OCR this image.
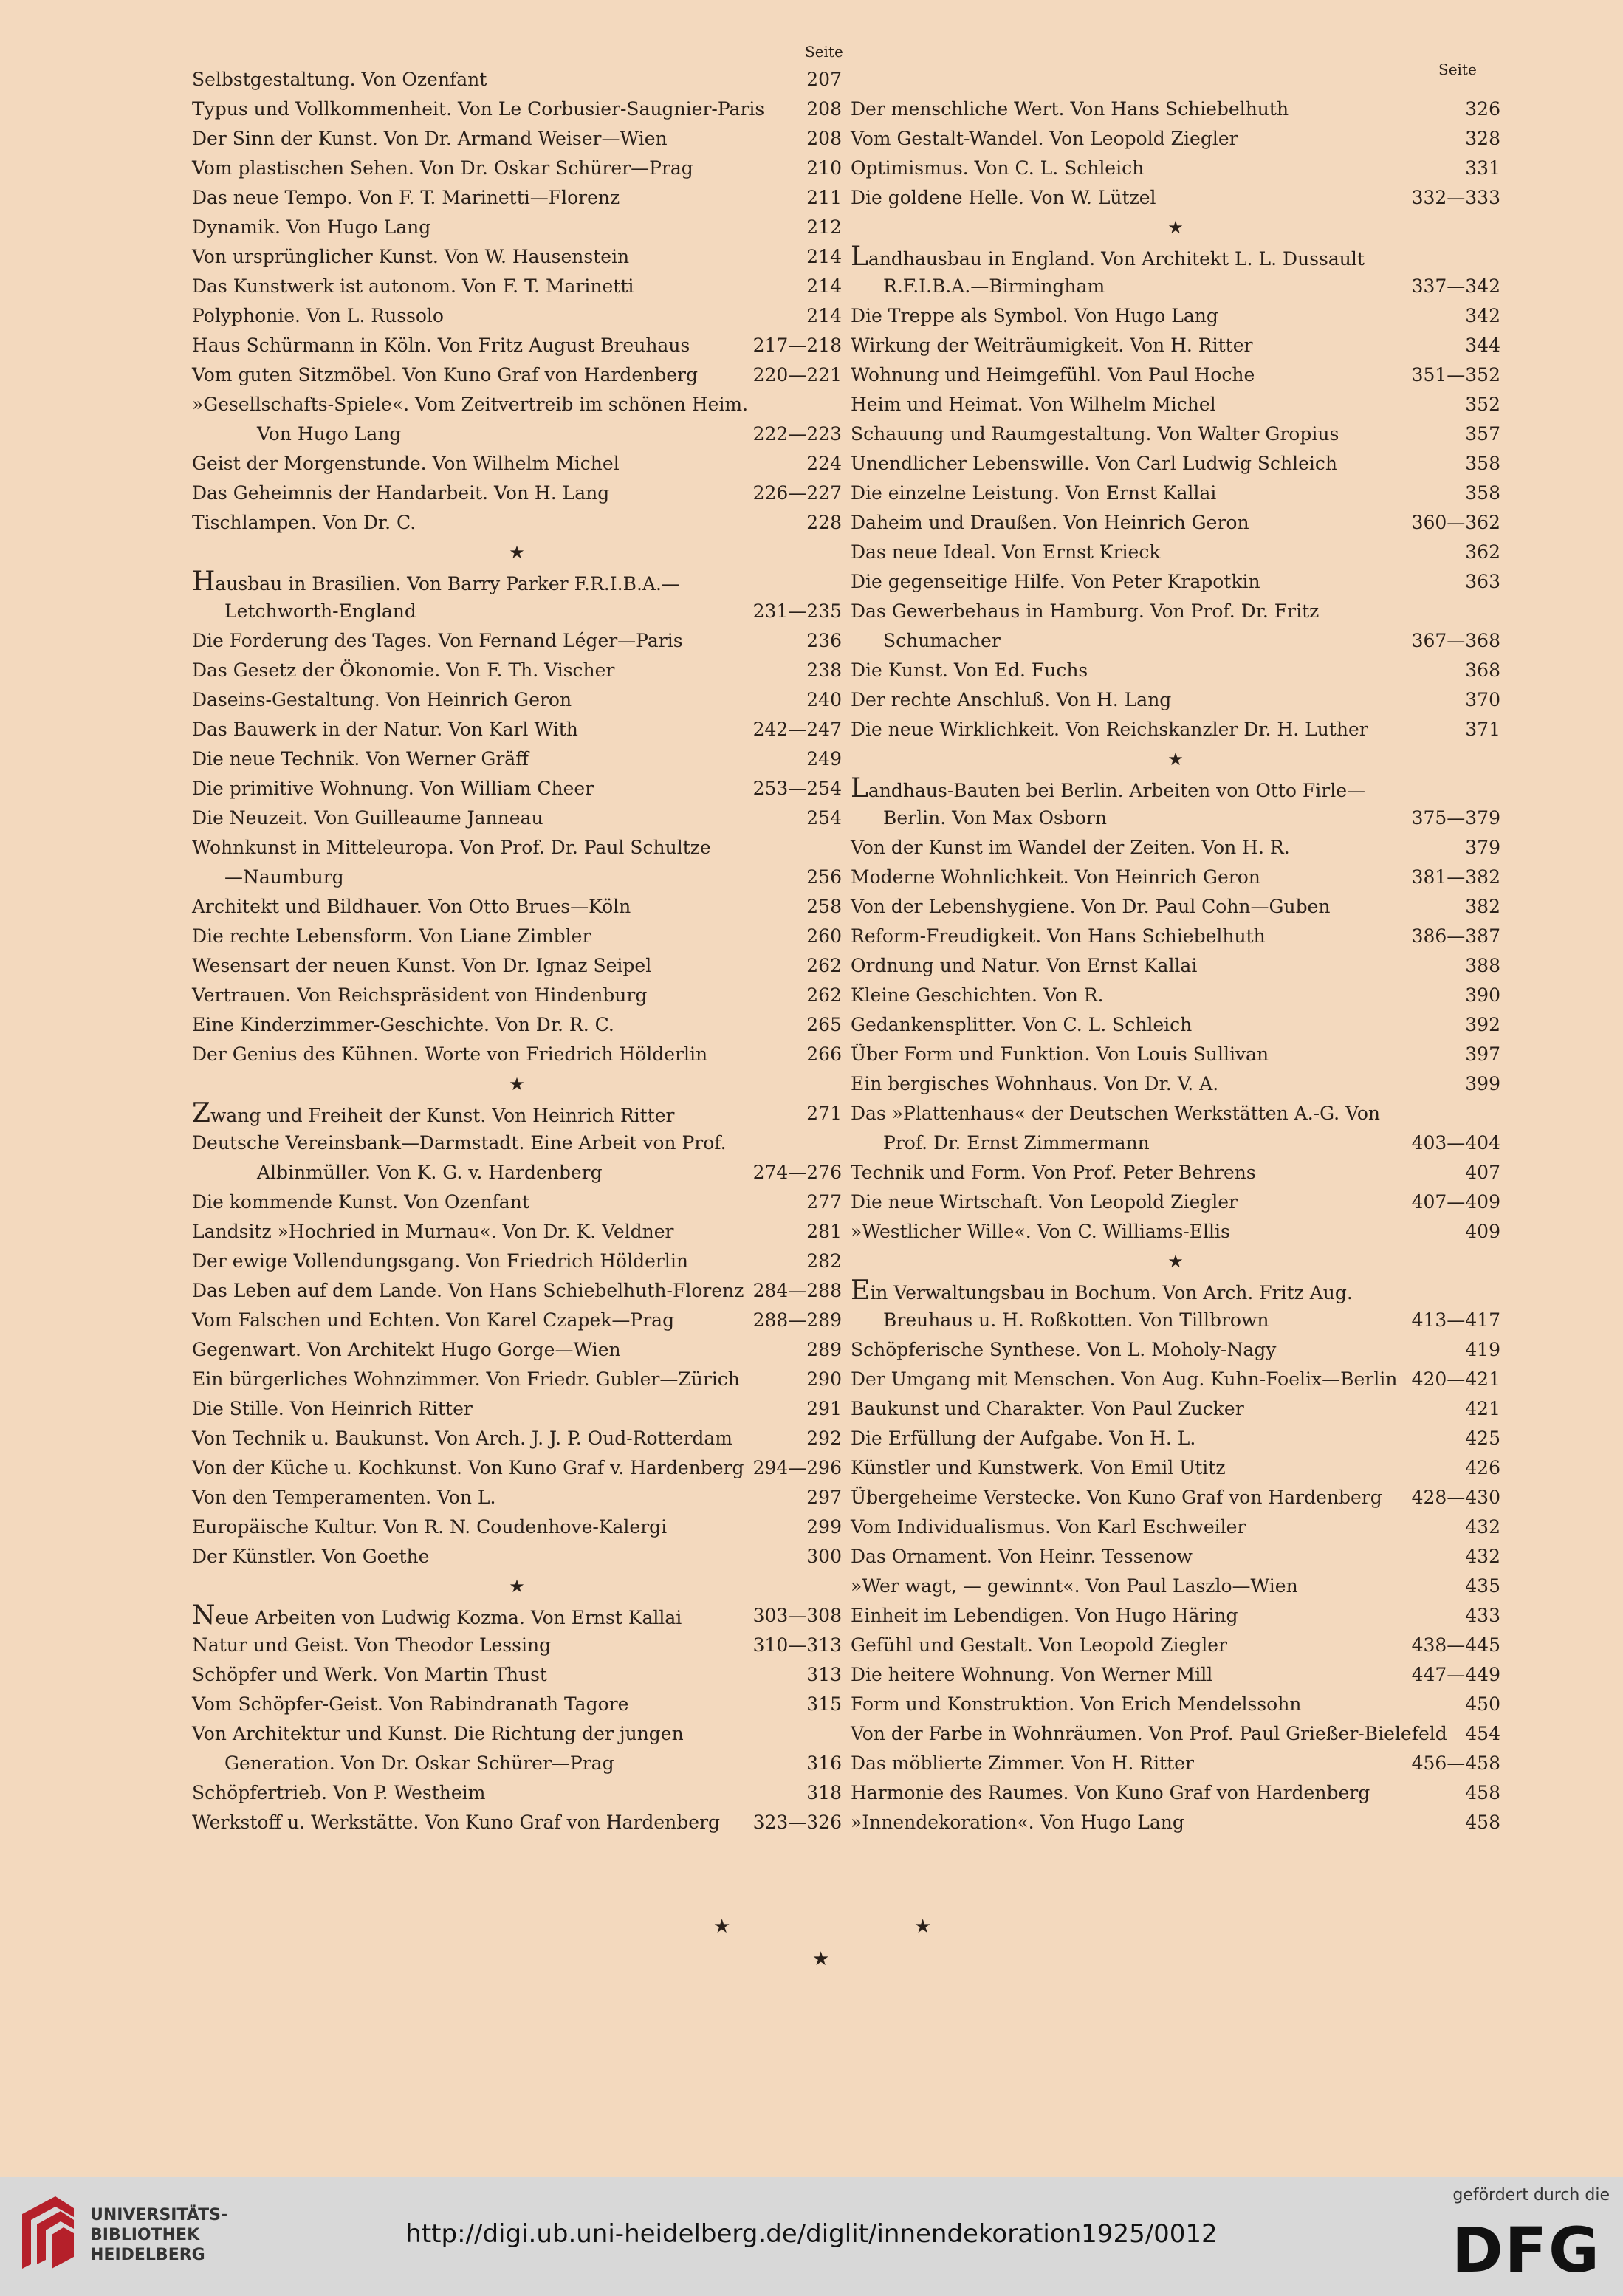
Seite
Seite
Selbstgestaltung. Von Ozenfant	207
Typus und Vollkommenheit. Von Le Corbusier-Saugnier-Paris 208
Der Sinn der Kunst. Von Dr. Armand Weiser—Wien	208
Vom plastischen Sehen. Von Dr. Oskar Schürer—Prag	210
Das neue Tempo. Von F. T. Marinetti—Florenz	211
Dynamik. Von Hugo Lang	212
Von ursprünglicher Kunst. Von W. Hausenstein	214
Das Kunstwerk ist autonom. Von F. T. Marinetti	214
Polyphonie. Von L. Russolo	214
Haus Schürmann in Köln. Von Fritz August Breuhaus	217—218
Vom guten Sitzmöbel. Von Kuno Graf von Hardenberg	220—221
»Gesellschafts-Spiele«. Vom Zeitvertreib im schönen Heim.
Von Hugo Lang	222—223
Geist der Morgenstunde. Von Wilhelm Michel	224
Das Geheimnis der Handarbeit. Von H. Lang	226—227
Tischlampen. Von Dr. C.	228
★
Hausbau in Brasilien. Von Barry Parker F.R.I.B.A.—
Letchworth-England	231—235
Die Forderung des Tages. Von Fernand Léger—Paris	236
Das Gesetz der Ökonomie. Von F. Th. Vischer	238
Daseins-Gestaltung. Von Heinrich Geron	240
Das Bauwerk in der Natur. Von Karl With	242—247
Die neue Technik. Von Werner Gräff	249
Die primitive Wohnung. Von William Cheer	253—254
Die Neuzeit. Von Guilleaume Janneau	254
Wohnkunst in Mitteleuropa. Von Prof. Dr. Paul Schultze
—Naumburg	256
Architekt und Bildhauer. Von Otto Brues—Köln	258
Die rechte Lebensform. Von Liane Zimbler	260
Wesensart der neuen Kunst. Von Dr. Ignaz Seipel	262
Vertrauen. Von Reichspräsident von Hindenburg	262
Eine Kinderzimmer-Geschichte. Von Dr. R. C.	265
Der Genius des Kühnen. Worte von Friedrich Hölderlin	266
★
Zwang und Freiheit der Kunst. Von Heinrich Ritter	271
Deutsche Vereinsbank—Darmstadt. Eine Arbeit von Prof.
Albinmüller. Von K. G. v. Hardenberg	274—276
Die kommende Kunst. Von Ozenfant	277
Landsitz »Hochried in Murnau«. Von Dr. K. Veldner	281
Der ewige Vollendungsgang. Von Friedrich Hölderlin	282
Das Leben auf dem Lande. Von Hans Schiebelhuth-Florenz 284—288
Vom Falschen und Echten. Von Karel Czapek—Prag	288—289
Gegenwart. Von Architekt Hugo Gorge—Wien	289
Ein bürgerliches Wohnzimmer. Von Friedr. Gubler—Zürich	290
Die Stille. Von Heinrich Ritter	291
Von Technik u. Baukunst. Von Arch. J. J. P. Oud-Rotterdam	292
Von der Küche u. Kochkunst. Von Kuno Graf v. Hardenberg 294—296
Von den Temperamenten. Von L.	297
Europäische Kultur. Von R. N. Coudenhove-Kalergi	299
Der Künstler. Von Goethe	300
★
Neue Arbeiten von Ludwig Kozma. Von Ernst Kallai	303—308
Natur und Geist. Von Theodor Lessing	310—313
Schöpfer und Werk. Von Martin Thust	313
Vom Schöpfer-Geist. Von Rabindranath Tagore	315
Von Architektur und Kunst. Die Richtung der jungen
Generation. Von Dr. Oskar Schürer—Prag	316
Schöpfertrieb. Von P. Westheim	318
Werkstoff u. Werkstätte. Von Kuno Graf von Hardenberg 323—326
Der menschliche Wert. Von Hans Schiebelhuth	326
Vom Gestalt-Wandel. Von Leopold Ziegler	328
Optimismus. Von C. L. Schleich	331
Die goldene Helle. Von W. Lützel	332—333
★
Landhausbau in England. Von Architekt L. L. Dussault
R.F.I.B.A.—Birmingham	337—342
Die Treppe als Symbol. Von Hugo Lang	342
Wirkung der Weiträumigkeit. Von H. Ritter	344
Wohnung und Heimgefühl. Von Paul Hoche	351—352
Heim und Heimat. Von Wilhelm Michel	352
Schauung und Raumgestaltung. Von Walter Gropius	357
Unendlicher Lebenswille. Von Carl Ludwig Schleich	358
Die einzelne Leistung. Von Ernst Kallai	358
Daheim und Draußen. Von Heinrich Geron	360—362
Das neue Ideal. Von Ernst Krieck	362
Die gegenseitige Hilfe. Von Peter Krapotkin	363
Das Gewerbehaus in Hamburg. Von Prof. Dr. Fritz
Schumacher	367—368
Die Kunst. Von Ed. Fuchs	368
Der rechte Anschluß. Von H. Lang	370
Die neue Wirklichkeit. Von Reichskanzler Dr. H. Luther	371
★
Landhaus-Bauten bei Berlin. Arbeiten von Otto Firle—
Berlin. Von Max Osborn	375—379
Von der Kunst im Wandel der Zeiten. Von H. R.	379
Moderne Wohnlichkeit. Von Heinrich Geron	381—382
Von der Lebenshygiene. Von Dr. Paul Cohn—Guben	382
Reform-Freudigkeit. Von Hans Schiebelhuth	386—387
Ordnung und Natur. Von Ernst Kallai	388
Kleine Geschichten. Von R.	390
Gedankensplitter. Von C. L. Schleich	392
Über Form und Funktion. Von Louis Sullivan	397
Ein bergisches Wohnhaus. Von Dr. V. A.	399
Das »Plattenhaus« der Deutschen Werkstätten A.-G. Von
Prof. Dr. Ernst Zimmermann	403—404
Technik und Form. Von Prof. Peter Behrens	407
Die neue Wirtschaft. Von Leopold Ziegler	407—409
»Westlicher Wille«. Von C. Williams-Ellis	409
★
Ein Verwaltungsbau in Bochum. Von Arch. Fritz Aug.
Breuhaus u. H. Roßkotten. Von Tillbrown	413—417
Schöpferische Synthese. Von L. Moholy-Nagy	419
Der Umgang mit Menschen. Von Aug. Kuhn-Foelix—Berlin 420—421
Baukunst und Charakter. Von Paul Zucker	421
Die Erfüllung der Aufgabe. Von H. L.	425
Künstler und Kunstwerk. Von Emil Utitz	426
Übergeheime Verstecke. Von Kuno Graf von Hardenberg 428—430
Vom Individualismus. Von Karl Eschweiler	432
Das Ornament. Von Heinr. Tessenow	432
»Wer wagt, — gewinnt«. Von Paul Laszlo—Wien	435
Einheit im Lebendigen. Von Hugo Häring	433
Gefühl und Gestalt. Von Leopold Ziegler	438—445
Die heitere Wohnung. Von Werner Mill	447—449
Form und Konstruktion. Von Erich Mendelssohn	450
Von der Farbe in Wohnräumen. Von Prof. Paul Grießer-Bielefeld 454
Das möblierte Zimmer. Von H. Ritter	456—458
Harmonie des Raumes. Von Kuno Graf von Hardenberg	458
»Innendekoration«. Von Hugo Lang	458
★	★
★
UNIVERSITÄTS-
BIBLIOTHEK
HEIDELBERG
http://digi.ub.uni-heidelberg.de/diglit/innendekoration1925/0012
gefördert durch die
DFG
